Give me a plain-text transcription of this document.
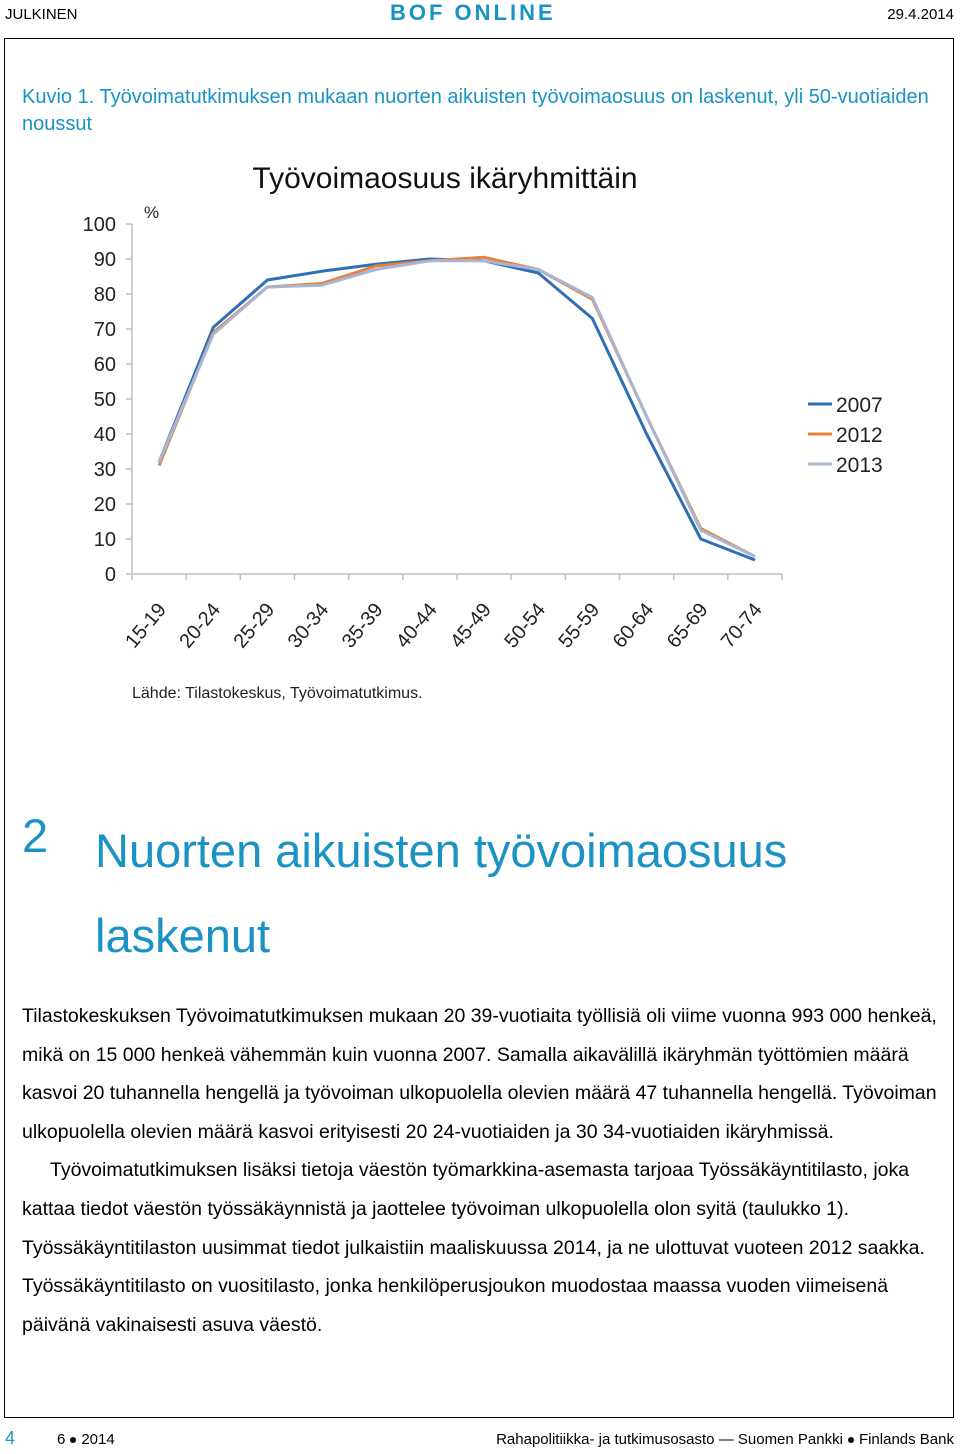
JULKINEN	BOF ONLINE	29.4.2014
Kuvio 1. Työvoimatutkimuksen mukaan nuorten aikuisten työvoimaosuus on laskenut, yli 50-vuotiaiden noussut
Työvoimaosuus ikäryhmittäin
%
0
10
20
30
40
50
60
70
80
90
100
15-19 20-24 25-29 30-34 35-39 40-44 45-49 50-54 55-59 60-64 65-69 70-74
2007
2012
2013
Lähde: Tilastokeskus, Työvoimatutkimus.
2 Nuorten aikuisten työvoimaosuus laskenut

Tilastokeskuksen Työvoimatutkimuksen mukaan 20 39-vuotiaita työllisiä oli viime vuonna 993 000 henkeä, mikä on 15 000 henkeä vähemmän kuin vuonna 2007. Samalla aikavälillä ikäryhmän työttömien määrä kasvoi 20 tuhannella hengellä ja työvoiman ulkopuolella olevien määrä 47 tuhannella hengellä. Työvoiman ulkopuolella olevien määrä kasvoi erityisesti 20 24-vuotiaiden ja 30 34-vuotiaiden ikäryhmissä.

Työvoimatutkimuksen lisäksi tietoja väestön työmarkkina-asemasta tarjoaa Työssäkäyntitilasto, joka kattaa tiedot väestön työssäkäynnistä ja jaottelee työvoiman ulkopuolella olon syitä (taulukko 1). Työssäkäyntitilaston uusimmat tiedot julkaistiin maaliskuussa 2014, ja ne ulottuvat vuoteen 2012 saakka. Työssäkäyntitilasto on vuositilasto, jonka henkilöperusjoukon muodostaa maassa vuoden viimeisenä päivänä vakinaisesti asuva väestö.

4	6 2014	Rahapolitiikka- ja tutkimusosasto — Suomen Pankki Finlands Bank
